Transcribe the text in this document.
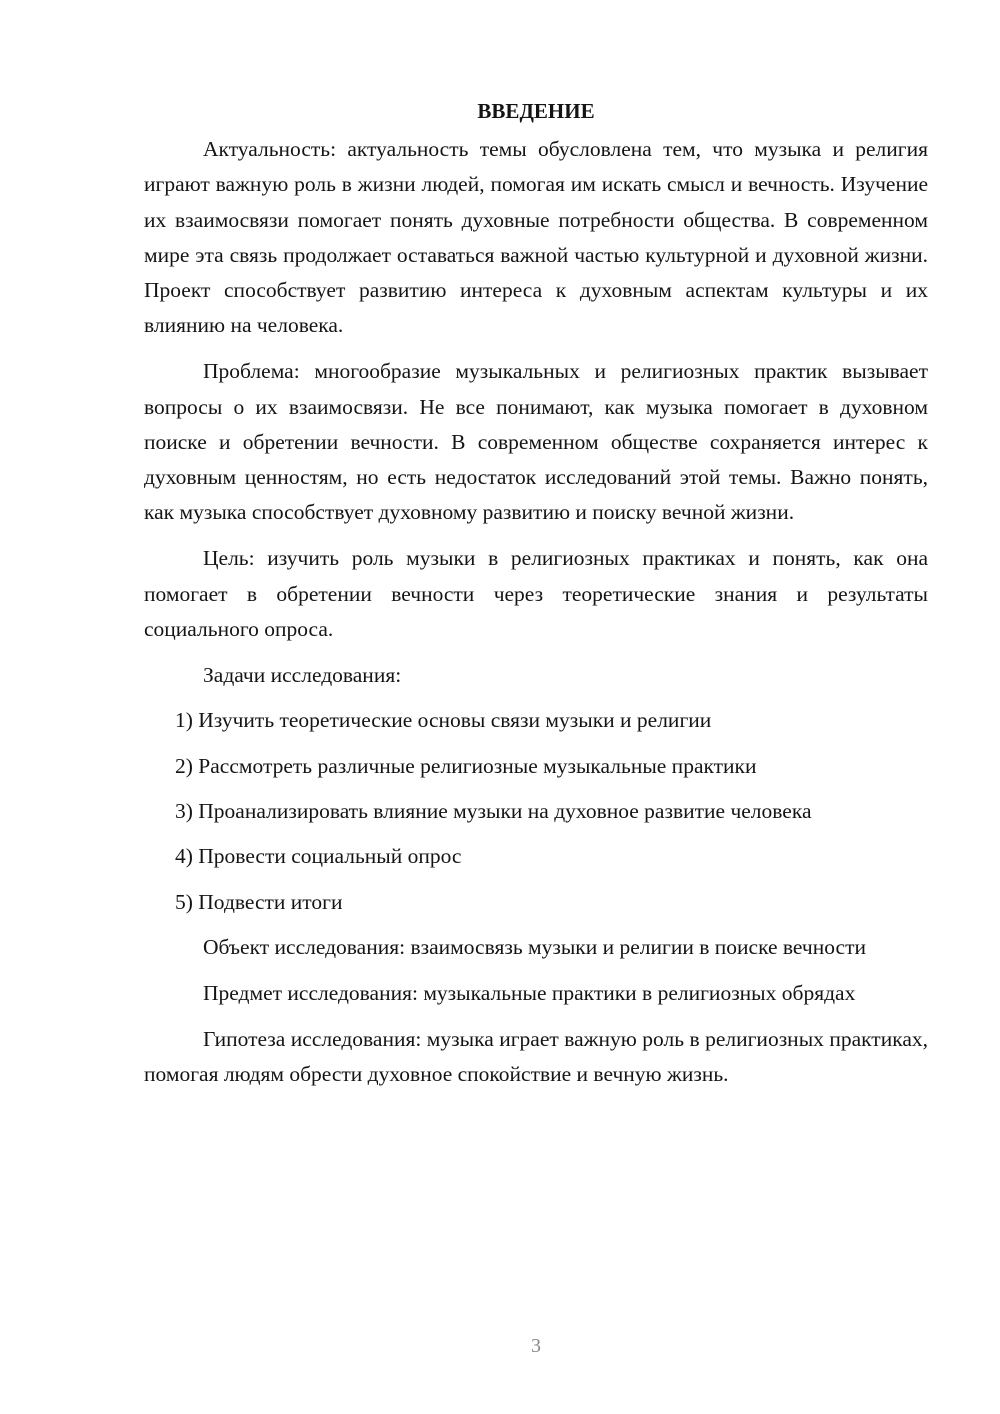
ВВЕДЕНИЕ

Актуальность: актуальность темы обусловлена тем, что музыка и религия играют важную роль в жизни людей, помогая им искать смысл и вечность. Изучение их взаимосвязи помогает понять духовные потребности общества. В современном мире эта связь продолжает оставаться важной частью культурной и духовной жизни. Проект способствует развитию интереса к духовным аспектам культуры и их влиянию на человека.

Проблема: многообразие музыкальных и религиозных практик вызывает вопросы о их взаимосвязи. Не все понимают, как музыка помогает в духовном поиске и обретении вечности. В современном обществе сохраняется интерес к духовным ценностям, но есть недостаток исследований этой темы. Важно понять, как музыка способствует духовному развитию и поиску вечной жизни.

Цель: изучить роль музыки в религиозных практиках и понять, как она помогает в обретении вечности через теоретические знания и результаты социального опроса.

Задачи исследования:

1) Изучить теоретические основы связи музыки и религии
2) Рассмотреть различные религиозные музыкальные практики
3) Проанализировать влияние музыки на духовное развитие человека
4) Провести социальный опрос
5) Подвести итоги

Объект исследования: взаимосвязь музыки и религии в поиске вечности

Предмет исследования: музыкальные практики в религиозных обрядах

Гипотеза исследования: музыка играет важную роль в религиозных практиках, помогая людям обрести духовное спокойствие и вечную жизнь.

3
